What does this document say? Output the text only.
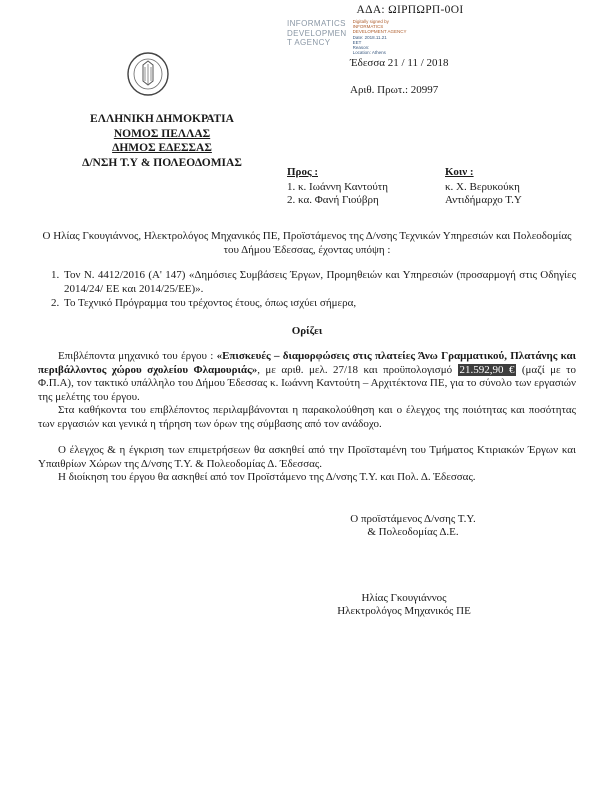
ΑΔΑ: ΩΙΡΠΩΡΠ-0ΟΙ
INFORMATICS
DEVELOPMEN
T AGENCY
Digitally signed by
INFORMATICS
DEVELOPMENT AGENCY
Date: 2018.11.21
EET
Reason:
Location: Athens
Έδεσσα 21 / 11 / 2018
Αριθ. Πρωτ.: 20997
ΕΛΛΗΝΙΚΗ ΔΗΜΟΚΡΑΤΙΑ
ΝΟΜΟΣ ΠΕΛΛΑΣ
ΔΗΜΟΣ ΕΔΕΣΣΑΣ
Δ/ΝΣΗ Τ.Υ & ΠΟΛΕΟΔΟΜΙΑΣ
Προς :
1. κ. Ιωάννη Καντούτη
2. κα. Φανή Γιούβρη
Κοιν :
κ. Χ. Βερυκούκη
Αντιδήμαρχο Τ.Υ

Ο Ηλίας Γκουγιάννος, Ηλεκτρολόγος Μηχανικός ΠΕ, Προϊστάμενος της Δ/νσης Τεχνικών Υπηρεσιών και Πολεοδομίας του Δήμου Έδεσσας, έχοντας υπόψη :

1. Τον Ν. 4412/2016 (Α' 147) «Δημόσιες Συμβάσεις Έργων, Προμηθειών και Υπηρεσιών (προσαρμογή στις Οδηγίες 2014/24/ ΕΕ και 2014/25/ΕΕ)».
2. Το Τεχνικό Πρόγραμμα του τρέχοντος έτους, όπως ισχύει σήμερα,
Ορίζει

Επιβλέποντα μηχανικό του έργου : «Επισκευές – διαμορφώσεις στις πλατείες Άνω Γραμματικού, Πλατάνης και περιβάλλοντος χώρου σχολείου Φλαμουριάς», με αριθ. μελ. 27/18 και προϋπολογισμό 21.592,90 € (μαζί με το Φ.Π.Α), τον τακτικό υπάλληλο του Δήμου Έδεσσας κ. Ιωάννη Καντούτη – Αρχιτέκτονα ΠΕ, για το σύνολο των εργασιών της μελέτης του έργου.

Στα καθήκοντα του επιβλέποντος περιλαμβάνονται η παρακολούθηση και ο έλεγχος της ποιότητας και ποσότητας των εργασιών και γενικά η τήρηση των όρων της σύμβασης από τον ανάδοχο.

Ο έλεγχος & η έγκριση των επιμετρήσεων θα ασκηθεί από την Προϊσταμένη του Τμήματος Κτιριακών Έργων και Υπαιθρίων Χώρων της Δ/νσης Τ.Υ. & Πολεοδομίας Δ. Έδεσσας.

Η διοίκηση του έργου θα ασκηθεί από τον Προϊστάμενο της Δ/νσης Τ.Υ. και Πολ. Δ. Έδεσσας.

Ο προϊστάμενος Δ/νσης Τ.Υ.
& Πολεοδομίας Δ.Ε.
Ηλίας Γκουγιάννος
Ηλεκτρολόγος Μηχανικός ΠΕ
